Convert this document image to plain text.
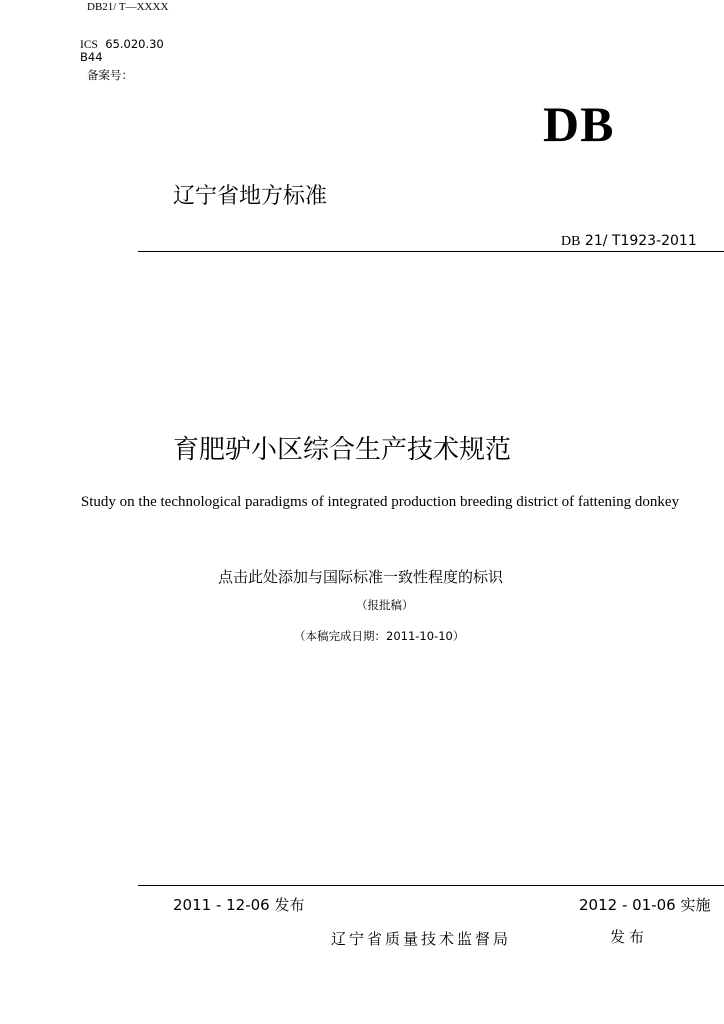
DB21/ T—XXXX
ICS 65.020.30
B44
备案号：
DB
辽宁省地方标准
DB 21/ T1923-2011
育肥驴小区综合生产技术规范
Study on the technological paradigms of integrated production breeding district of fattening donkey
点击此处添加与国际标准一致性程度的标识
（报批稿）
（本稿完成日期：2011-10-10）
2011 - 12-06 发布	2012 - 01-06 实施
辽宁省质量技术监督局	发布
